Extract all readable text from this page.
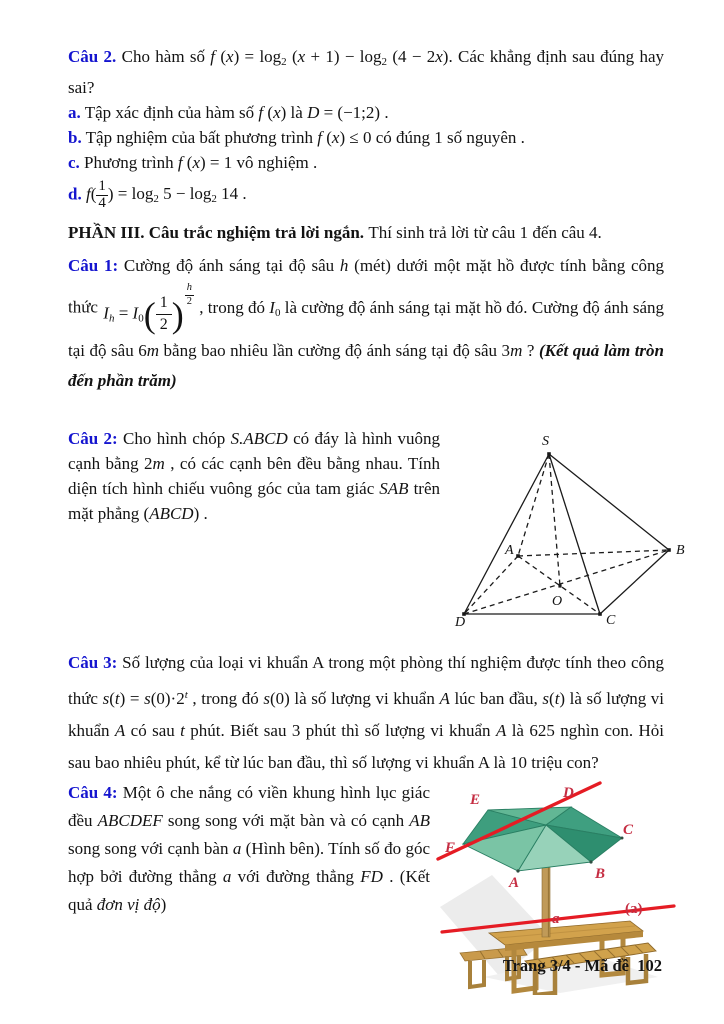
Câu 2. Cho hàm số f $(x) = \log_2 (x + 1) - \log_2 (4 - 2x)$. Các khẳng định sau đúng hay sai?
a. Tập xác định của hàm số f (x) là D = (−1;2) .
b. Tập nghiệm của bất phương trình f (x) ≤ 0 có đúng 1 số nguyên .
c. Phương trình f (x) = 1 vô nghiệm .
d. $f( \frac{1}{4}$ ) = $\log_2 5 - \log_2 14$ .
PHẦN III. Câu trắc nghiệm trả lời ngắn. Thí sinh trả lời từ câu 1 đến câu 4.
Câu 1: Cường độ ánh sáng tại độ sâu h (mét) dưới một mặt hồ được tính bằng công thức $I_h = I_0( \frac{1}{2}$ )
$\frac{h}{2}$ , trong đó $I_0$ là cường độ ánh sáng tại mặt hồ đó. Cường độ ánh sáng tại độ sâu 6m bằng bao nhiêu lần cường độ ánh sáng tại độ sâu 3m ? (Kết quả làm tròn đến phần trăm)
Câu 2: Cho hình chóp S.ABCD có đáy là hình vuông cạnh bằng 2m , có các cạnh bên đều bằng nhau. Tính diện tích hình chiếu vuông góc của tam giác SAB trên mặt phẳng (ABCD) .
S
A	B
C
D
O
Câu 3: Số lượng của loại vi khuẩn A trong một phòng thí nghiệm được tính theo công thức $s(t) = s(0)\cdot 2^t$ , trong đó s(0) là số lượng vi khuẩn A lúc ban đầu, s(t) là số lượng vi khuẩn A có sau t phút. Biết sau 3 phút thì số lượng vi khuẩn A là 625 nghìn con. Hỏi sau bao nhiêu phút, kể từ lúc ban đầu, thì số lượng vi khuẩn A là 10 triệu con?
Câu 4: Một ô che nắng có viền khung hình lục giác đều ABCDEF song song với mặt bàn và có cạnh AB song song với cạnh bàn a (Hình bên). Tính số đo góc hợp bởi đường thẳng a với đường thẳng FD . (Kết quả đơn vị độ)
E	D
C
B
A
F
a
(a)
Trang 3/4 - Mã đề  102
